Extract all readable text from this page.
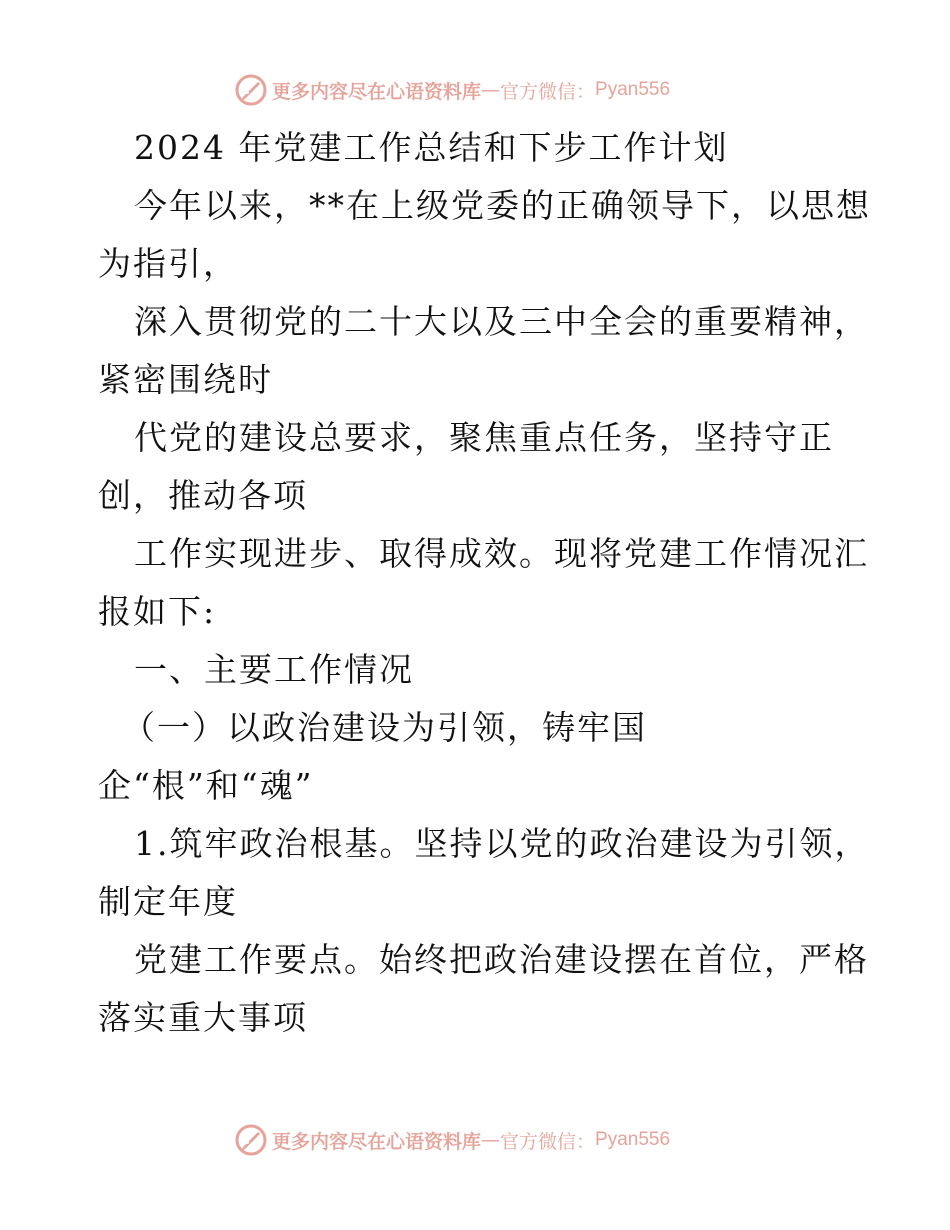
更多内容尽在心语资料库 — 官方微信： Pyan556
2024 年党建工作总结和下步工作计划
今年以来，**在上级党委的正确领导下，以思想
为指引，
深入贯彻党的二十大以及三中全会的重要精神，
紧密围绕时
代党的建设总要求，聚焦重点任务，坚持守正
创，推动各项
工作实现进步、取得成效。现将党建工作情况汇
报如下:
一、主要工作情况
（一）以政治建设为引领，铸牢国
企“根”和“魂”
1.筑牢政治根基。坚持以党的政治建设为引领，
制定年度
党建工作要点。始终把政治建设摆在首位，严格
落实重大事项
更多内容尽在心语资料库 — 官方微信： Pyan556
